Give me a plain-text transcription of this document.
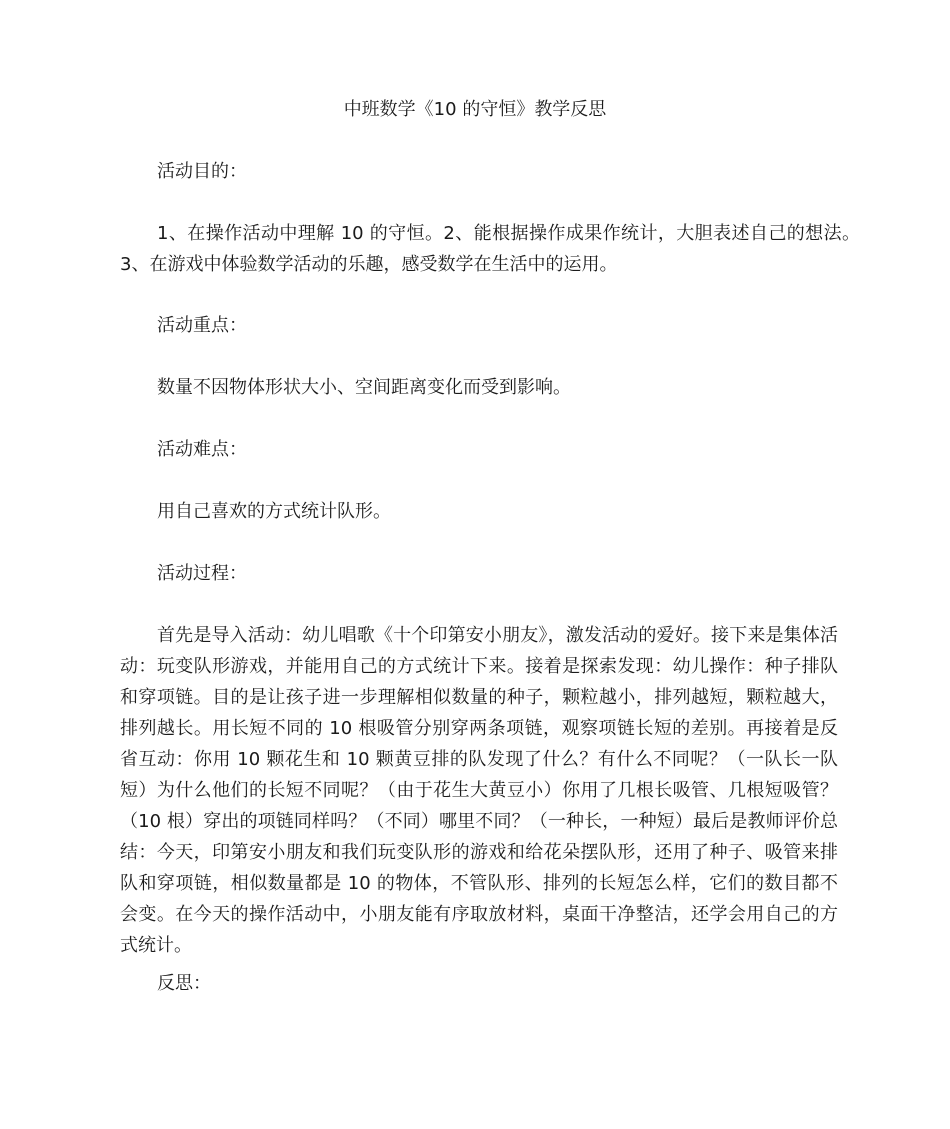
中班数学《10 的守恒》教学反思

活动目的：

1、在操作活动中理解 10 的守恒。2、能根据操作成果作统计，大胆表述自己的想法。3、在游戏中体验数学活动的乐趣，感受数学在生活中的运用。

活动重点：

数量不因物体形状大小、空间距离变化而受到影响。

活动难点：

用自己喜欢的方式统计队形。

活动过程：

首先是导入活动：幼儿唱歌《十个印第安小朋友》，激发活动的爱好。接下来是集体活动：玩变队形游戏，并能用自己的方式统计下来。接着是探索发现：幼儿操作：种子排队和穿项链。目的是让孩子进一步理解相似数量的种子，颗粒越小，排列越短，颗粒越大，排列越长。用长短不同的 10 根吸管分别穿两条项链，观察项链长短的差别。再接着是反省互动：你用 10 颗花生和 10 颗黄豆排的队发现了什么？有什么不同呢？（一队长一队短）为什么他们的长短不同呢？（由于花生大黄豆小）你用了几根长吸管、几根短吸管？（10 根）穿出的项链同样吗？（不同）哪里不同？（一种长，一种短）最后是教师评价总结：今天，印第安小朋友和我们玩变队形的游戏和给花朵摆队形，还用了种子、吸管来排队和穿项链，相似数量都是 10 的物体，不管队形、排列的长短怎么样，它们的数目都不会变。在今天的操作活动中，小朋友能有序取放材料，桌面干净整洁，还学会用自己的方式统计。

反思：
